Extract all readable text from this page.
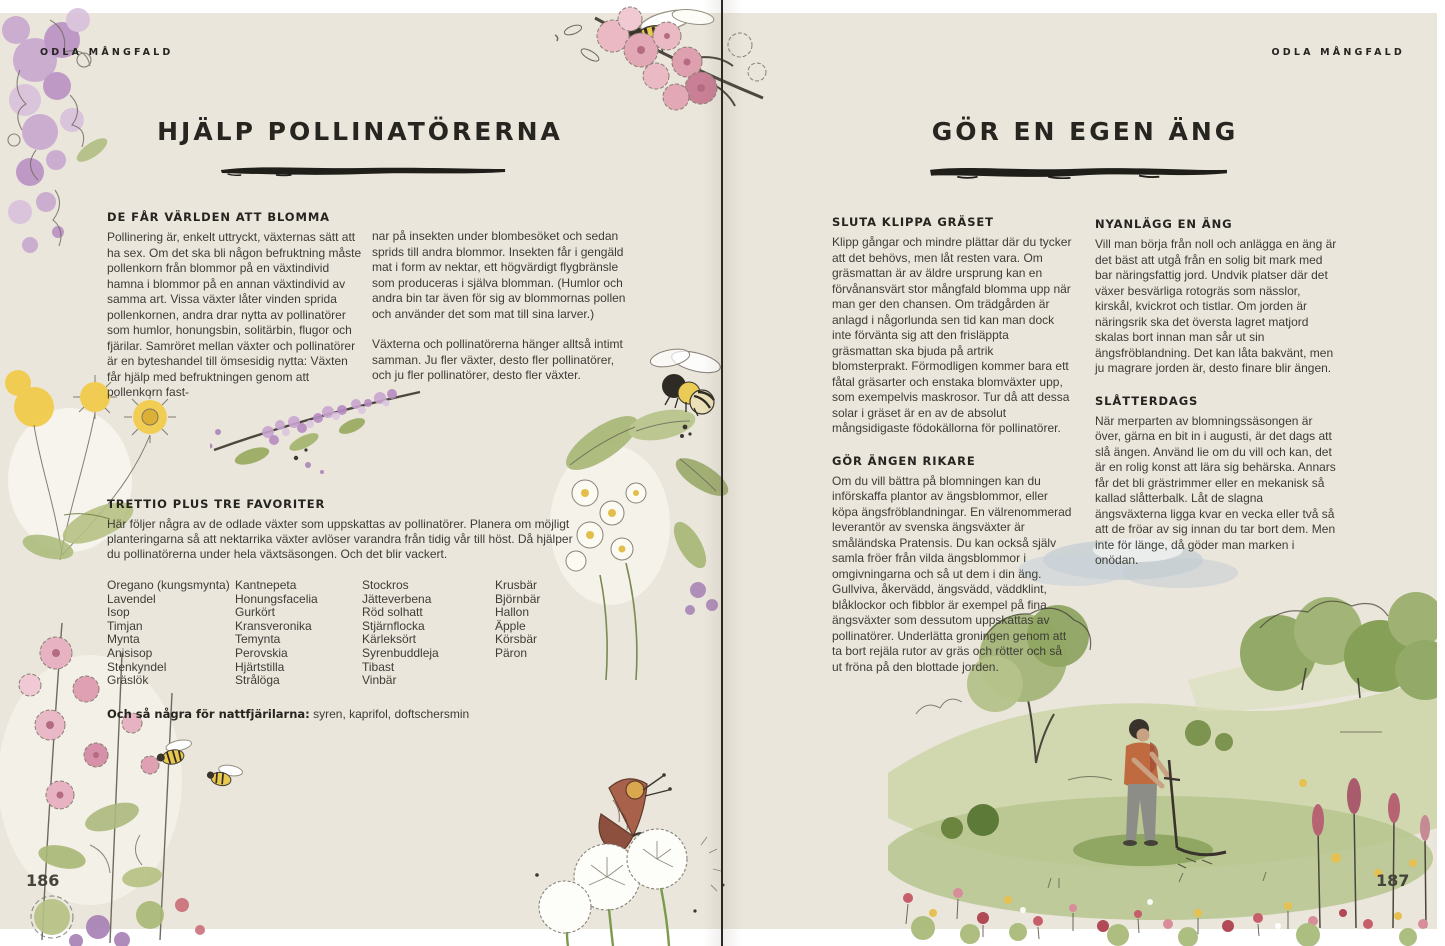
ODLA MÅNGFALD
HJÄLP POLLINATÖRERNA
DE FÅR VÄRLDEN ATT BLOMMA

Pollinering är, enkelt uttryckt, växternas sätt att ha sex. Om det ska bli någon befruktning måste pollenkorn från blommor på en växtindivid hamna i blommor på en annan växtindivid av samma art. Vissa växter låter vinden sprida pollenkornen, andra drar nytta av pollinatörer som humlor, honungsbin, solitärbin, flugor och fjärilar. Samröret mellan växter och pollinatörer är en byteshandel till ömsesidig nytta: Växten får hjälp med befruktningen genom att pollenkorn fast-

nar på insekten under blombesöket och sedan sprids till andra blommor. Insekten får i gengäld mat i form av nektar, ett högvärdigt flygbränsle som produceras i själva blomman. (Humlor och andra bin tar även för sig av blommornas pollen och använder det som mat till sina larver.)

Växterna och pollinatörerna hänger alltså intimt samman. Ju fler växter, desto fler pollinatörer, och ju fler pollinatörer, desto fler växter.

TRETTIO PLUS TRE FAVORITER

Här följer några av de odlade växter som uppskattas av pollinatörer. Planera om möjligt planteringarna så att nektarrika växter avlöser varandra från tidig vår till höst. Då hjälper du pollinatörerna under hela växtsäsongen. Och det blir vackert.

Oregano (kungsmynta)
Lavendel
Isop
Timjan
Mynta
Anisisop
Stenkyndel
Gräslök
Kantnepeta
Honungsfacelia
Gurkört
Kransveronika
Temynta
Perovskia
Hjärtstilla
Strålöga
Stockros
Jätteverbena
Röd solhatt
Stjärnflocka
Kärleksört
Syrenbuddleja
Tibast
Vinbär
Krusbär
Björnbär
Hallon
Äpple
Körsbär
Päron
Och så några för nattfjärilarna: syren, kaprifol, doftschersmin
186
ODLA MÅNGFALD
GÖR EN EGEN ÄNG
SLUTA KLIPPA GRÄSET

Klipp gångar och mindre plättar där du tycker att det behövs, men låt resten vara. Om gräsmattan är av äldre ursprung kan en förvånansvärt stor mångfald blomma upp när man ger den chansen. Om trädgården är anlagd i någorlunda sen tid kan man dock inte förvänta sig att den frisläppta gräsmattan ska bjuda på artrik blomsterprakt. Förmodligen kommer bara ett fåtal gräsarter och enstaka blomväxter upp, som exempelvis maskrosor. Tur då att dessa solar i gräset är en av de absolut mångsidigaste födokällorna för pollinatörer.

GÖR ÄNGEN RIKARE

Om du vill bättra på blomningen kan du införskaffa plantor av ängsblommor, eller köpa ängsfröblandningar. En välrenommerad leverantör av svenska ängsväxter är småländska Pratensis. Du kan också själv samla fröer från vilda ängsblommor i omgivningarna och så ut dem i din äng. Gullviva, åkervädd, ängsvädd, väddklint, blåklockor och fibblor är exempel på fina ängsväxter som dessutom uppskattas av pollinatörer. Underlätta groningen genom att ta bort rejäla rutor av gräs och rötter och så ut fröna på den blottade jorden.

NYANLÄGG EN ÄNG

Vill man börja från noll och anlägga en äng är det bäst att utgå från en solig bit mark med bar näringsfattig jord. Undvik platser där det växer besvärliga rotogräs som nässlor, kirskål, kvickrot och tistlar. Om jorden är näringsrik ska det översta lagret matjord skalas bort innan man sår ut sin ängsfröblandning. Det kan låta bakvänt, men ju magrare jorden är, desto finare blir ängen.

SLÅTTERDAGS

När merparten av blomningssäsongen är över, gärna en bit in i augusti, är det dags att slå ängen. Använd lie om du vill och kan, det är en rolig konst att lära sig behärska. Annars får det bli grästrimmer eller en mekanisk så kallad slåtterbalk. Låt de slagna ängsväxterna ligga kvar en vecka eller två så att de fröar av sig innan du tar bort dem. Men inte för länge, då göder man marken i onödan.

187
